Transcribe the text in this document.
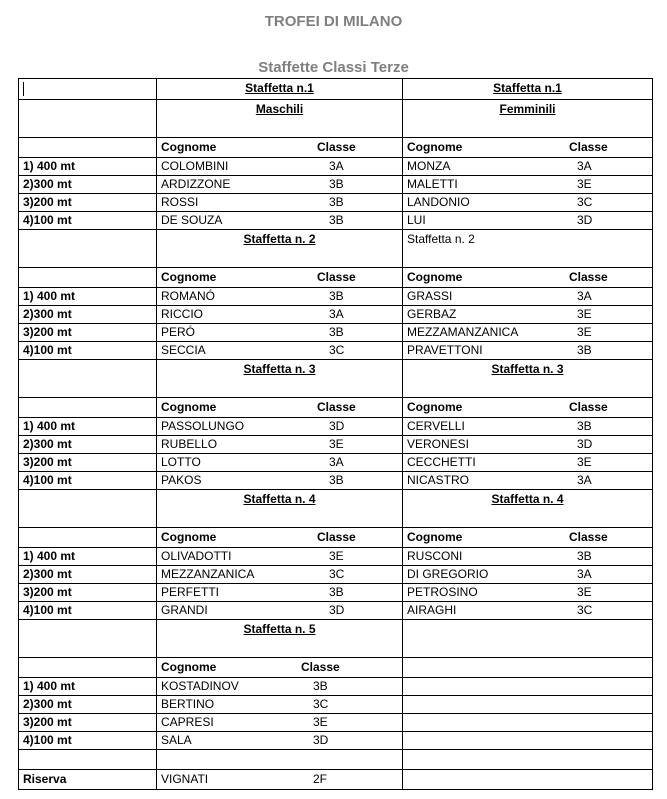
TROFEI DI MILANO
Staffette Classi Terze
	Staffetta n.1	Staffetta n.1
	Maschili	Femminili

	Cognome Classe	Cognome Classe

1) 400 mt	COLOMBINI 3A	MONZA 3A

2)300 mt	ARDIZZONE 3B	MALETTI 3E

3)200 mt	ROSSI 3B	LANDONIO 3C

4)100 mt	DE SOUZA 3B	LUI 3D

	Staffetta n. 2	Staffetta n. 2

	Cognome Classe	Cognome Classe

1) 400 mt	ROMANÓ 3B	GRASSI 3A

2)300 mt	RICCIO 3A	GERBAZ 3E

3)200 mt	PERÓ 3B	MEZZAMANZANICA 3E

4)100 mt	SECCIA 3C	PRAVETTONI 3B

	Staffetta n. 3	Staffetta n. 3

	Cognome Classe	Cognome Classe

1) 400 mt	PASSOLUNGO 3D	CERVELLI 3B

2)300 mt	RUBELLO 3E	VERONESI 3D

3)200 mt	LOTTO 3A	CECCHETTI 3E

4)100 mt	PAKOS 3B	NICASTRO 3A

	Staffetta n. 4	Staffetta n. 4

	Cognome Classe	Cognome Classe

1) 400 mt	OLIVADOTTI 3E	RUSCONI 3B

2)300 mt	MEZZANZANICA 3C	DI GREGORIO 3A

3)200 mt	PERFETTI 3B	PETROSINO 3E

4)100 mt	GRANDI 3D	AIRAGHI 3C

	Staffetta n. 5	

	Cognome Classe	

1) 400 mt	KOSTADINOV 3B	

2)300 mt	BERTINO 3C	

3)200 mt	CAPRESI 3E	

4)100 mt	SALA 3D	

Riserva	VIGNATI 2F	
